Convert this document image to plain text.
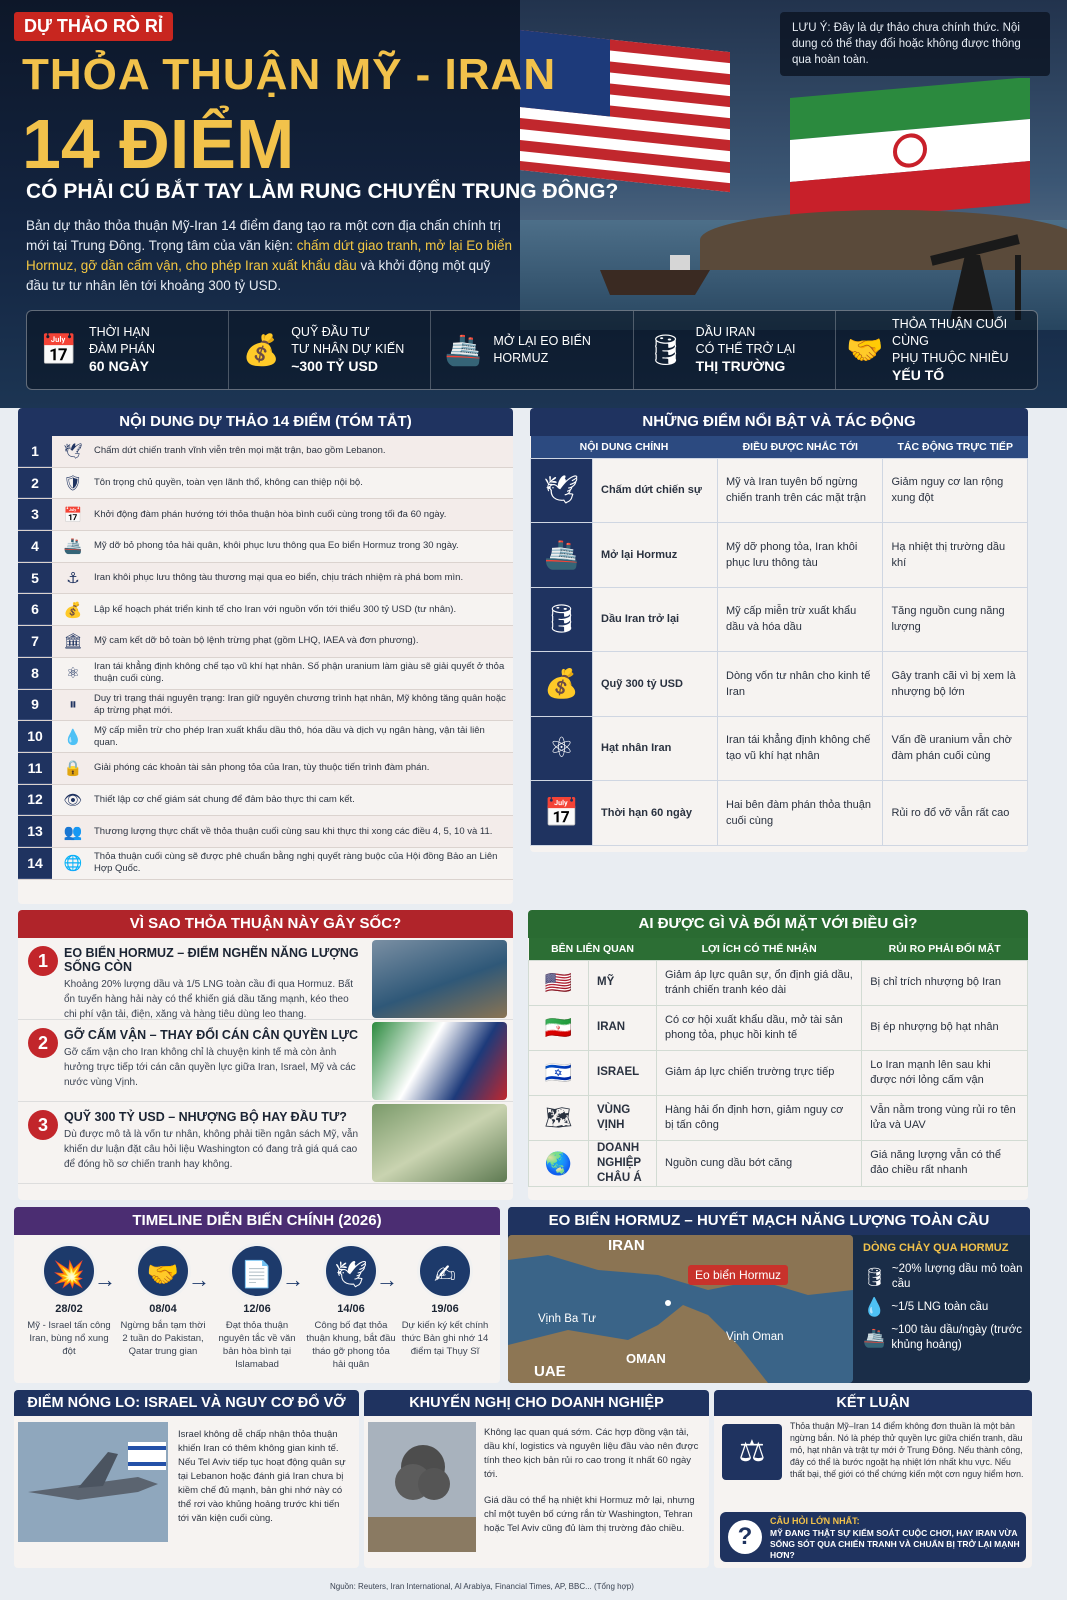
DỰ THẢO RÒ RỈ
THỎA THUẬN MỸ - IRAN
14 ĐIỂM
CÓ PHẢI CÚ BẮT TAY LÀM RUNG CHUYỂN TRUNG ĐÔNG?
Bản dự thảo thỏa thuận Mỹ-Iran 14 điểm đang tạo ra một cơn địa chấn chính trị mới tại Trung Đông. Trọng tâm của văn kiện: chấm dứt giao tranh, mở lại Eo biển Hormuz, gỡ dần cấm vận, cho phép Iran xuất khẩu dầu và khởi động một quỹ đầu tư tư nhân lên tới khoảng 300 tỷ USD.
LƯU Ý: Đây là dự thảo chưa chính thức. Nội dung có thể thay đổi hoặc không được thông qua hoàn toàn.
📅
THỜI HẠN
ĐÀM PHÁN
60 NGÀY	💰
QUỸ ĐẦU TƯ
TƯ NHÂN DỰ KIẾN
~300 TỶ USD	🚢 MỞ LẠI EO BIỂN
HORMUZ	🛢
DẦU IRAN
CÓ THỂ TRỞ LẠI
THỊ TRƯỜNG	🤝
THỎA THUẬN CUỐI CÙNG
PHỤ THUỘC NHIỀU
YẾU TỐ
NỘI DUNG DỰ THẢO 14 ĐIỂM (TÓM TẮT)
1	🕊	Chấm dứt chiến tranh vĩnh viễn trên mọi mặt trận, bao gồm Lebanon.
2	🛡	Tôn trọng chủ quyền, toàn vẹn lãnh thổ, không can thiệp nội bộ.
3	📅	Khởi động đàm phán hướng tới thỏa thuận hòa bình cuối cùng trong tối đa 60 ngày.
4	🚢	Mỹ dỡ bỏ phong tỏa hải quân, khôi phục lưu thông qua Eo biển Hormuz trong 30 ngày.
5	⚓	Iran khôi phục lưu thông tàu thương mại qua eo biển, chịu trách nhiệm rà phá bom mìn.
6	💰	Lập kế hoạch phát triển kinh tế cho Iran với nguồn vốn tới thiểu 300 tỷ USD (tư nhân).
7	🏛	Mỹ cam kết dỡ bỏ toàn bộ lệnh trừng phạt (gồm LHQ, IAEA và đơn phương).
8	⚛	Iran tái khẳng định không chế tạo vũ khí hạt nhân. Số phận uranium làm giàu sẽ giải quyết ở thỏa thuận cuối cùng.
9	⏸	Duy trì trạng thái nguyên trạng: Iran giữ nguyên chương trình hạt nhân, Mỹ không tăng quân hoặc áp trừng phạt mới.
10	💧	Mỹ cấp miễn trừ cho phép Iran xuất khẩu dầu thô, hóa dầu và dịch vụ ngân hàng, vận tải liên quan.
11	🔒	Giải phóng các khoản tài sản phong tỏa của Iran, tùy thuộc tiến trình đàm phán.
12	👁	Thiết lập cơ chế giám sát chung để đảm bảo thực thi cam kết.
13	👥	Thương lượng thực chất về thỏa thuận cuối cùng sau khi thực thi xong các điều 4, 5, 10 và 11.
14	🌐	Thỏa thuận cuối cùng sẽ được phê chuẩn bằng nghị quyết ràng buộc của Hội đồng Bảo an Liên Hợp Quốc.
NHỮNG ĐIỂM NỔI BẬT VÀ TÁC ĐỘNG
NỘI DUNG CHÍNH		ĐIỀU ĐƯỢC NHẮC TỚI	TÁC ĐỘNG TRỰC TIẾP
🕊	Chấm dứt chiến sự	Mỹ và Iran tuyên bố ngừng chiến tranh trên các mặt trận	Giảm nguy cơ lan rộng xung đột
🚢	Mở lại Hormuz	Mỹ dỡ phong tỏa, Iran khôi phục lưu thông tàu	Hạ nhiệt thị trường dầu khí
🛢	Dầu Iran trở lại	Mỹ cấp miễn trừ xuất khẩu dầu và hóa dầu	Tăng nguồn cung năng lượng
💰	Quỹ 300 tỷ USD	Dòng vốn tư nhân cho kinh tế Iran	Gây tranh cãi vì bị xem là nhượng bộ lớn
⚛	Hạt nhân Iran	Iran tái khẳng định không chế tạo vũ khí hạt nhân	Vấn đề uranium vẫn chờ đàm phán cuối cùng
📅	Thời hạn 60 ngày	Hai bên đàm phán thỏa thuận cuối cùng	Rủi ro đổ vỡ vẫn rất cao
VÌ SAO THỎA THUẬN NÀY GÂY SỐC?
1	EO BIỂN HORMUZ – ĐIỂM NGHẼN NĂNG LƯỢNG SỐNG CÒN
Khoảng 20% lượng dầu và 1/5 LNG toàn cầu đi qua Hormuz. Bất ổn tuyến hàng hải này có thể khiến giá dầu tăng mạnh, kéo theo chi phí vận tải, điện, xăng và hàng tiêu dùng leo thang.
2	GỠ CẤM VẬN – THAY ĐỔI CÁN CÂN QUYỀN LỰC
Gỡ cấm vận cho Iran không chỉ là chuyện kinh tế mà còn ảnh hưởng trực tiếp tới cán cân quyền lực giữa Iran, Israel, Mỹ và các nước vùng Vịnh.
3	QUỸ 300 TỶ USD – NHƯỢNG BỘ HAY ĐẦU TƯ?
Dù được mô tả là vốn tư nhân, không phải tiền ngân sách Mỹ, vẫn khiến dư luận đặt câu hỏi liệu Washington có đang trả giá quá cao để đóng hồ sơ chiến tranh hay không.
AI ĐƯỢC GÌ VÀ ĐỐI MẶT VỚI ĐIỀU GÌ?
BÊN LIÊN QUAN		LỢI ÍCH CÓ THỂ NHẬN	RỦI RO PHẢI ĐỐI MẶT
🇺🇸	MỸ	Giảm áp lực quân sự, ổn định giá dầu, tránh chiến tranh kéo dài	Bị chỉ trích nhượng bộ Iran
🇮🇷	IRAN	Có cơ hội xuất khẩu dầu, mở tài sản phong tỏa, phục hồi kinh tế	Bị ép nhượng bộ hạt nhân
🇮🇱	ISRAEL	Giảm áp lực chiến trường trực tiếp	Lo Iran mạnh lên sau khi được nới lỏng cấm vận
🗺	VÙNG VỊNH	Hàng hải ổn định hơn, giảm nguy cơ bị tấn công	Vẫn nằm trong vùng rủi ro tên lửa và UAV
🌏	DOANH NGHIỆP CHÂU Á	Nguồn cung dầu bớt căng	Giá năng lượng vẫn có thể đảo chiều rất nhanh
TIMELINE DIỄN BIẾN CHÍNH (2026)
💥
28/02
Mỹ - Israel tấn công Iran, bùng nổ xung đột
→	🤝
08/04
Ngừng bắn tạm thời 2 tuần do Pakistan, Qatar trung gian
→	📄
12/06
Đạt thỏa thuận nguyên tắc về văn bản hòa bình tại Islamabad
→	🕊
14/06
Công bố đạt thỏa thuận khung, bắt đầu tháo gỡ phong tỏa hải quân
→	✍
19/06
Dự kiến ký kết chính thức Bản ghi nhớ 14 điểm tại Thụy Sĩ
EO BIỂN HORMUZ – HUYẾT MẠCH NĂNG LƯỢNG TOÀN CẦU
IRAN
Eo biển Hormuz
Vịnh Ba Tư
Vịnh Oman
OMAN
UAE
DÒNG CHẢY QUA HORMUZ
🛢 ~20% lượng dầu mỏ toàn cầu
💧 ~1/5 LNG toàn cầu
🚢 ~100 tàu dầu/ngày (trước khủng hoảng)
ĐIỂM NÓNG LO: ISRAEL VÀ NGUY CƠ ĐỔ VỠ
Israel không dễ chấp nhận thỏa thuận khiến Iran có thêm không gian kinh tế. Nếu Tel Aviv tiếp tục hoạt động quân sự tại Lebanon hoặc đánh giá Iran chưa bị kiềm chế đủ mạnh, bản ghi nhớ này có thể rơi vào khủng hoảng trước khi tiến tới văn kiện cuối cùng.
KHUYẾN NGHỊ CHO DOANH NGHIỆP
Không lạc quan quá sớm. Các hợp đồng vận tải, dầu khí, logistics và nguyên liệu đầu vào nên được tính theo kịch bản rủi ro cao trong ít nhất 60 ngày tới.
Giá dầu có thể hạ nhiệt khi Hormuz mở lại, nhưng chỉ một tuyên bố cứng rắn từ Washington, Tehran hoặc Tel Aviv cũng đủ làm thị trường đảo chiều.
KẾT LUẬN
⚖
Thỏa thuận Mỹ–Iran 14 điểm không đơn thuần là một bản ngừng bắn. Nó là phép thử quyền lực giữa chiến tranh, dầu mỏ, hạt nhân và trật tự mới ở Trung Đông. Nếu thành công, đây có thể là bước ngoặt hạ nhiệt lớn nhất khu vực. Nếu thất bại, thế giới có thể chứng kiến một cơn nguy hiểm hơn.
?
CÂU HỎI LỚN NHẤT:
MỸ ĐANG THẬT SỰ KIỂM SOÁT CUỘC CHƠI, HAY IRAN VỪA SỐNG SÓT QUA CHIẾN TRANH VÀ CHUẨN BỊ TRỞ LẠI MẠNH HƠN?
Nguồn: Reuters, Iran International, Al Arabiya, Financial Times, AP, BBC... (Tổng hợp)
